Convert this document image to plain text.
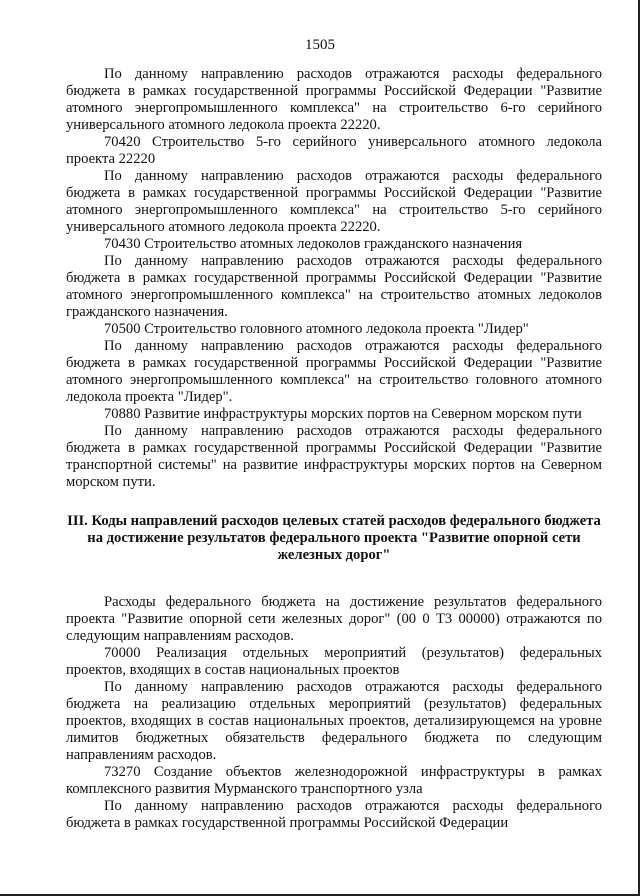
1505

По данному направлению расходов отражаются расходы федерального бюджета в рамках государственной программы Российской Федерации "Развитие атомного энергопромышленного комплекса" на строительство 6-го серийного универсального атомного ледокола проекта 22220.

70420 Строительство 5-го серийного универсального атомного ледокола проекта 22220

По данному направлению расходов отражаются расходы федерального бюджета в рамках государственной программы Российской Федерации "Развитие атомного энергопромышленного комплекса" на строительство 5-го серийного универсального атомного ледокола проекта 22220.

70430 Строительство атомных ледоколов гражданского назначения

По данному направлению расходов отражаются расходы федерального бюджета в рамках государственной программы Российской Федерации "Развитие атомного энергопромышленного комплекса" на строительство атомных ледоколов гражданского назначения.

70500 Строительство головного атомного ледокола проекта "Лидер"

По данному направлению расходов отражаются расходы федерального бюджета в рамках государственной программы Российской Федерации "Развитие атомного энергопромышленного комплекса" на строительство головного атомного ледокола проекта "Лидер".

70880 Развитие инфраструктуры морских портов на Северном морском пути

По данному направлению расходов отражаются расходы федерального бюджета в рамках государственной программы Российской Федерации "Развитие транспортной системы" на развитие инфраструктуры морских портов на Северном морском пути.

III. Коды направлений расходов целевых статей расходов федерального бюджета на достижение результатов федерального проекта "Развитие опорной сети железных дорог"

Расходы федерального бюджета на достижение результатов федерального проекта "Развитие опорной сети железных дорог" (00 0 Т3 00000) отражаются по следующим направлениям расходов.

70000 Реализация отдельных мероприятий (результатов) федеральных проектов, входящих в состав национальных проектов

По данному направлению расходов отражаются расходы федерального бюджета на реализацию отдельных мероприятий (результатов) федеральных проектов, входящих в состав национальных проектов, детализирующемся на уровне лимитов бюджетных обязательств федерального бюджета по следующим направлениям расходов.

73270 Создание объектов железнодорожной инфраструктуры в рамках комплексного развития Мурманского транспортного узла

По данному направлению расходов отражаются расходы федерального бюджета в рамках государственной программы Российской Федерации
